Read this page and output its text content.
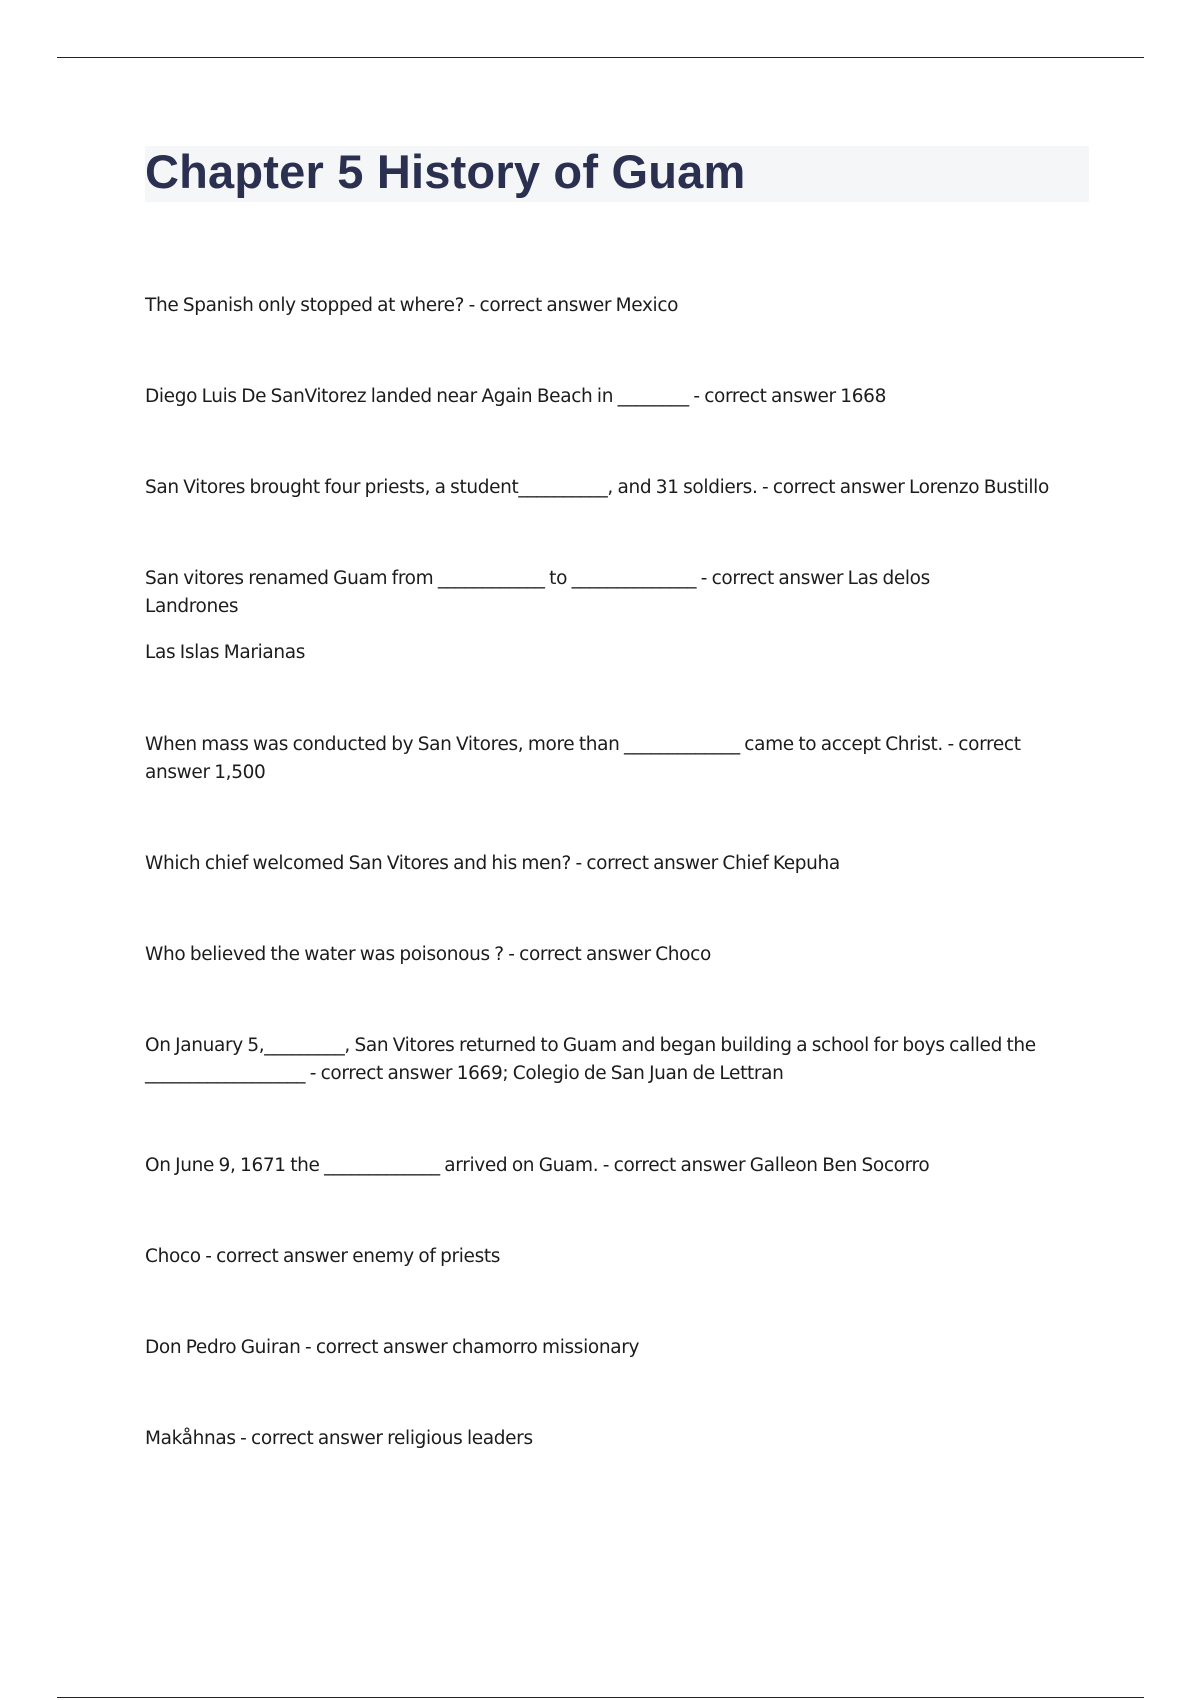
Chapter 5 History of Guam

The Spanish only stopped at where? - correct answer Mexico

Diego Luis De SanVitorez landed near Again Beach in ________ - correct answer 1668

San Vitores brought four priests, a student__________, and 31 soldiers. - correct answer Lorenzo Bustillo

San vitores renamed Guam from ____________ to ______________ - correct answer Las delos Landrones

Las Islas Marianas

When mass was conducted by San Vitores, more than _____________ came to accept Christ. - correct answer 1,500

Which chief welcomed San Vitores and his men? - correct answer Chief Kepuha

Who believed the water was poisonous ? - correct answer Choco

On January 5,_________, San Vitores returned to Guam and began building a school for boys called the __________________ - correct answer 1669; Colegio de San Juan de Lettran

On June 9, 1671 the _____________ arrived on Guam. - correct answer Galleon Ben Socorro

Choco - correct answer enemy of priests

Don Pedro Guiran - correct answer chamorro missionary

Makåhnas - correct answer religious leaders
